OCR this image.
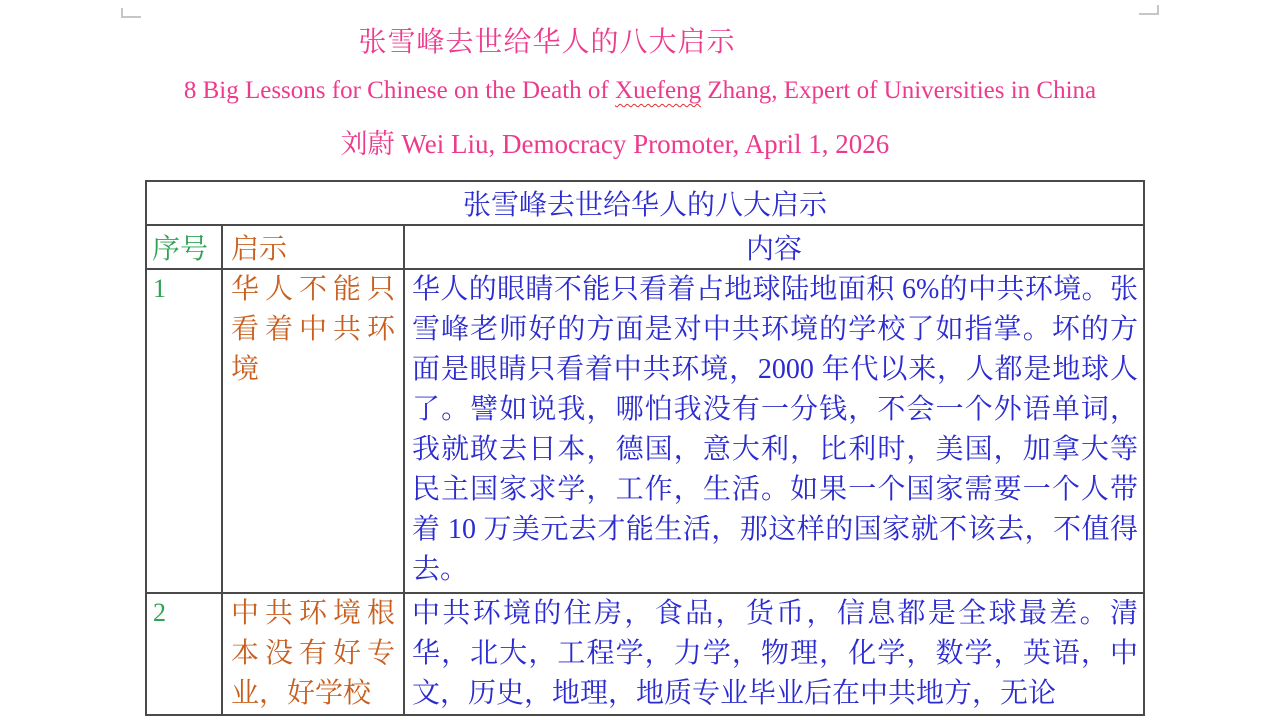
张雪峰去世给华人的八大启示
8 Big Lessons for Chinese on the Death of Xuefeng Zhang, Expert of Universities in China
刘蔚 Wei Liu, Democracy Promoter, April 1, 2026
张雪峰去世给华人的八大启示		
序号	启示	内容
1	华人不能只看着中共环境	华人的眼睛不能只看着占地球陆地面积 6%的中共环境。张雪峰老师好的方面是对中共环境的学校了如指掌。坏的方面是眼睛只看着中共环境，2000 年代以来，人都是地球人了。譬如说我，哪怕我没有一分钱，不会一个外语单词，我就敢去日本，德国，意大利，比利时，美国，加拿大等民主国家求学，工作，生活。如果一个国家需要一个人带着 10 万美元去才能生活，那这样的国家就不该去，不值得去。
2	中共环境根本没有好专业，好学校	中共环境的住房，食品，货币，信息都是全球最差。清华，北大，工程学，力学，物理，化学，数学，英语，中文，历史，地理，地质专业毕业后在中共地方，无论
